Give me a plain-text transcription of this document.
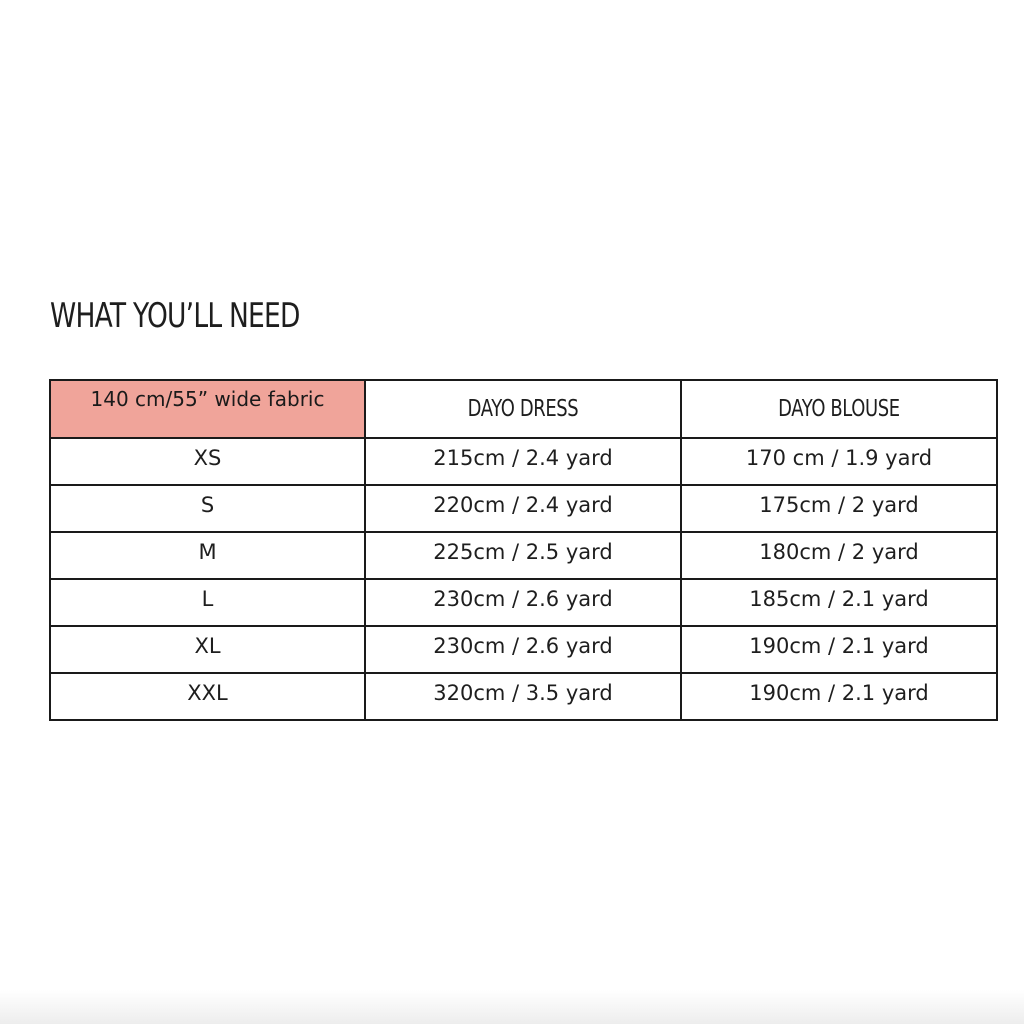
WHAT YOU’LL NEED
140 cm/55” wide fabric	DAYO DRESS	DAYO BLOUSE

XS	215cm / 2.4 yard	170 cm / 1.9 yard

S	220cm / 2.4 yard	175cm / 2 yard

M	225cm / 2.5 yard	180cm / 2 yard

L	230cm / 2.6 yard	185cm / 2.1 yard

XL	230cm / 2.6 yard	190cm / 2.1 yard

XXL	320cm / 3.5 yard	190cm / 2.1 yard
